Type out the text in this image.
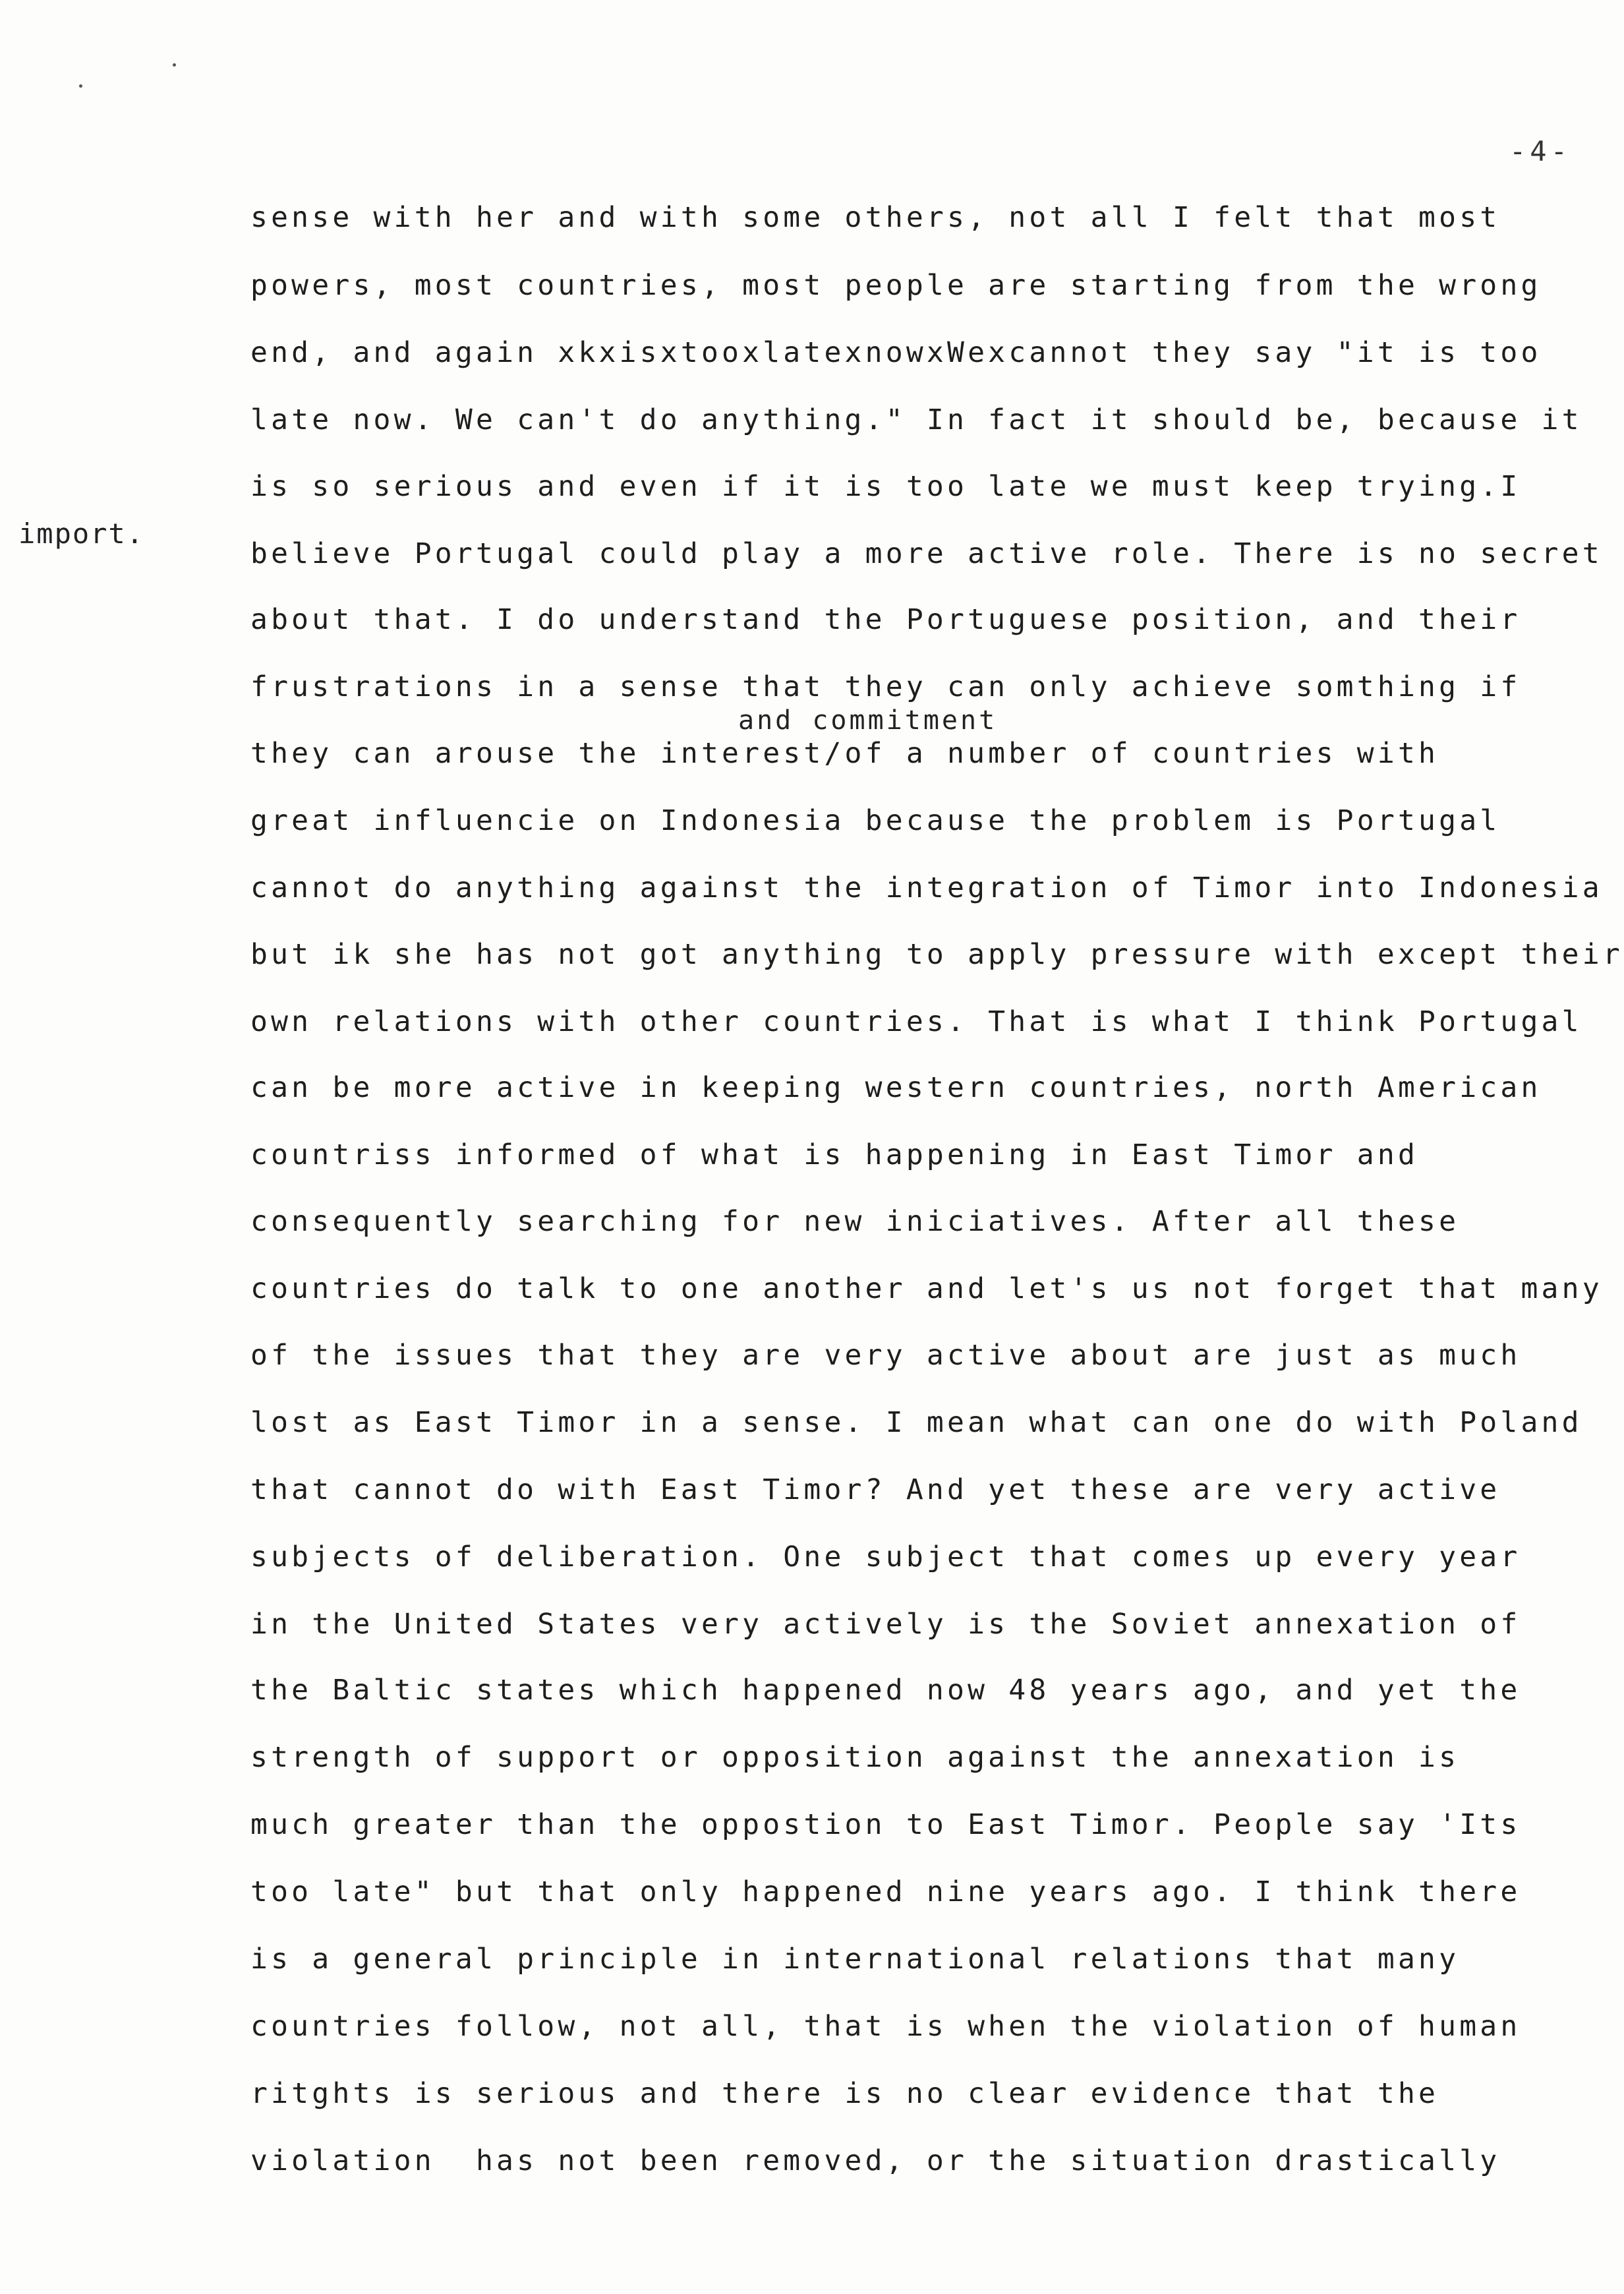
-4-
import.
sense with her and with some others, not all I felt that most
powers, most countries, most people are starting from the wrong
end, and again xkxisxtooxlatexnowxWexcannot they say "it is too
late now. We can't do anything." In fact it should be, because it
is so serious and even if it is too late we must keep trying.I
believe Portugal could play a more active role. There is no secret
about that. I do understand the Portuguese position, and their
frustrations in a sense that they can only achieve somthing if
and commitment
they can arouse the interest/of a number of countries with
great influencie on Indonesia because the problem is Portugal
cannot do anything against the integration of Timor into Indonesia
but ik she has not got anything to apply pressure with except their
own relations with other countries. That is what I think Portugal
can be more active in keeping western countries, north American
countriss informed of what is happening in East Timor and
consequently searching for new iniciatives. After all these
countries do talk to one another and let's us not forget that many
of the issues that they are very active about are just as much
lost as East Timor in a sense. I mean what can one do with Poland
that cannot do with East Timor? And yet these are very active
subjects of deliberation. One subject that comes up every year
in the United States very actively is the Soviet annexation of
the Baltic states which happened now 48 years ago, and yet the
strength of support or opposition against the annexation is
much greater than the oppostion to East Timor. People say 'Its
too late" but that only happened nine years ago. I think there
is a general principle in international relations that many
countries follow, not all, that is when the violation of human
ritghts is serious and there is no clear evidence that the
violation  has not been removed, or the situation drastically
